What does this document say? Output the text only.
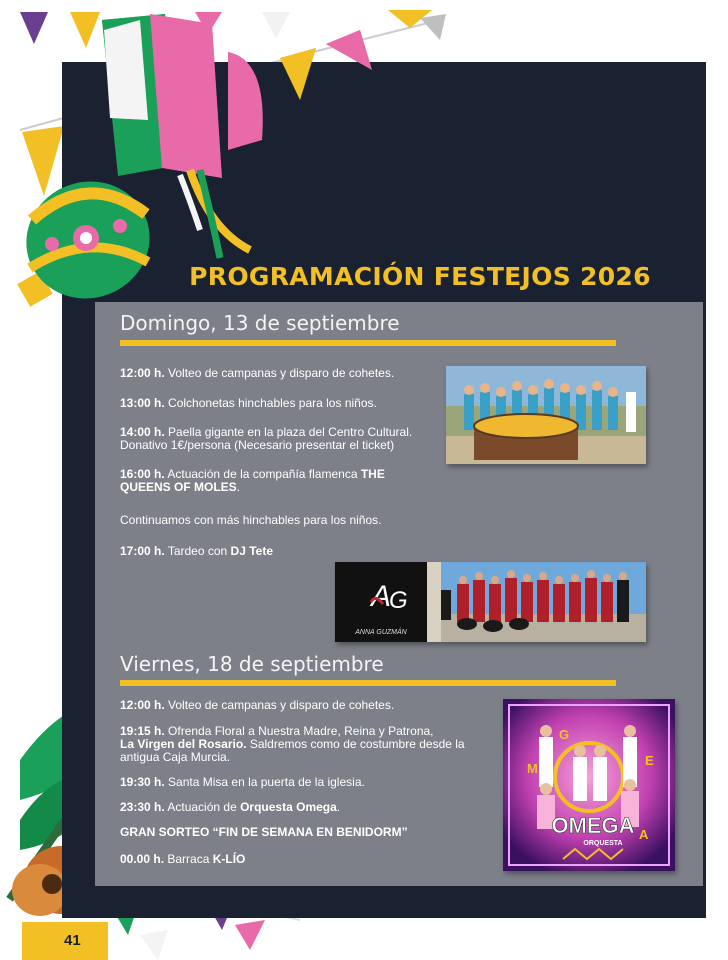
PROGRAMACIÓN FESTEJOS 2026
Domingo, 13 de septiembre
12:00 h. Volteo de campanas y disparo de cohetes.
13:00 h. Colchonetas hinchables para los niños.
14:00 h. Paella gigante en la plaza del Centro Cultural.
Donativo 1€/persona (Necesario presentar el ticket)
16:00 h. Actuación de la compañía flamenca THE
QUEENS OF MOLES.
Continuamos con más hinchables para los niños.
17:00 h. Tardeo con DJ Tete
A
G
ANNA GUZMÁN
Viernes, 18 de septiembre
12:00 h. Volteo de campanas y disparo de cohetes.
19:15 h. Ofrenda Floral a Nuestra Madre, Reina y Patrona,
La Virgen del Rosario. Saldremos como de costumbre desde la
antigua Caja Murcia.
19:30 h. Santa Misa en la puerta de la iglesia.
23:30 h. Actuación de Orquesta Omega.
GRAN SORTEO “FIN DE SEMANA EN BENIDORM”
00.00 h. Barraca K-LÍO
G
M
E
A
OMEGA
ORQUESTA
41
